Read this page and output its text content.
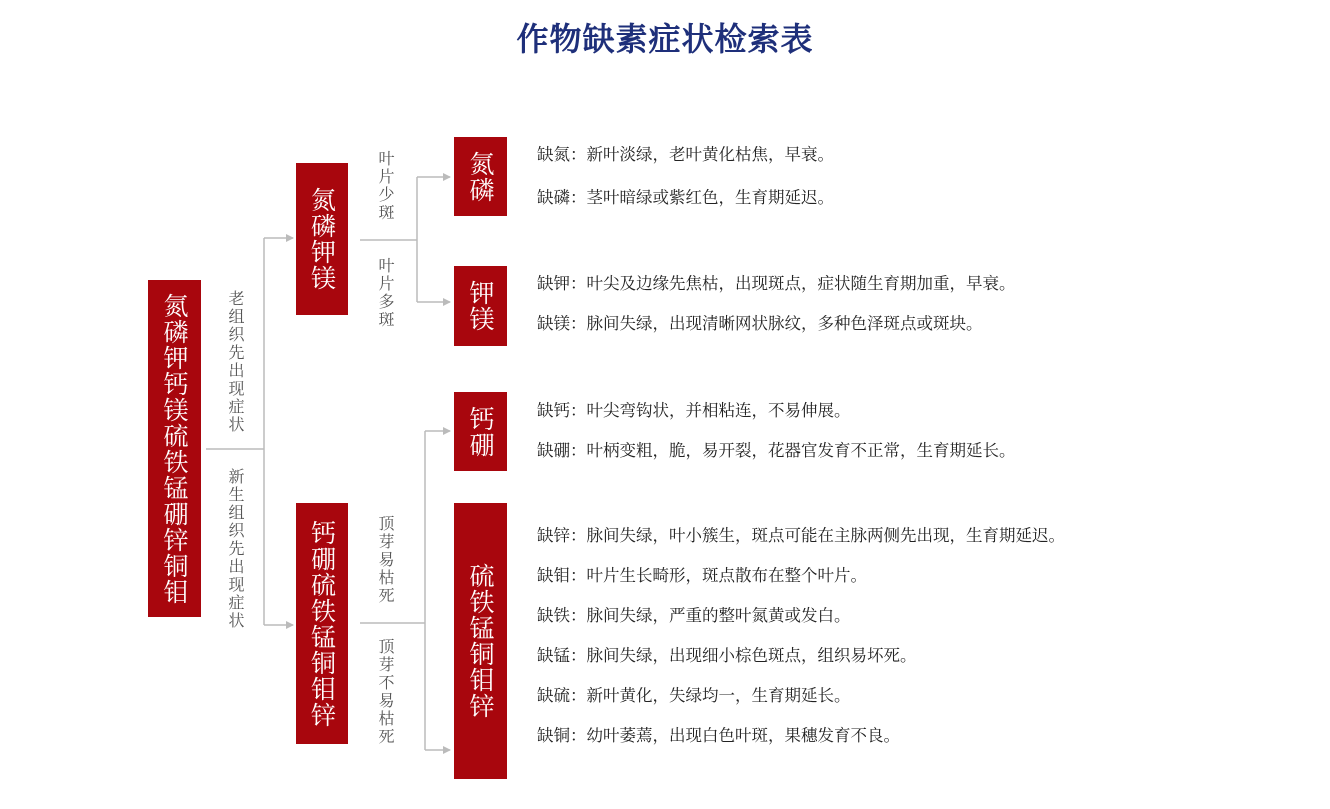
作物缺素症状检索表
氮磷钾钙镁硫铁锰硼锌铜钼 老组织先出现症状
新生组织先出现症状
氮磷钾镁
钙硼硫铁锰铜钼锌
叶片少斑
叶片多斑
顶芽易枯死
顶芽不易枯死
氮磷
钾镁
钙硼
硫铁锰铜钼锌
缺氮：新叶淡绿，老叶黄化枯焦，早衰。
缺磷：茎叶暗绿或紫红色，生育期延迟。
缺钾：叶尖及边缘先焦枯，出现斑点，症状随生育期加重，早衰。
缺镁：脉间失绿，出现清晰网状脉纹，多种色泽斑点或斑块。
缺钙：叶尖弯钩状，并相粘连，不易伸展。
缺硼：叶柄变粗，脆，易开裂，花器官发育不正常，生育期延长。
缺锌：脉间失绿，叶小簇生，斑点可能在主脉两侧先出现，生育期延迟。
缺钼：叶片生长畸形，斑点散布在整个叶片。
缺铁：脉间失绿，严重的整叶氮黄或发白。
缺锰：脉间失绿，出现细小棕色斑点，组织易坏死。
缺硫：新叶黄化，失绿均一，生育期延长。
缺铜：幼叶萎蔫，出现白色叶斑，果穗发育不良。
